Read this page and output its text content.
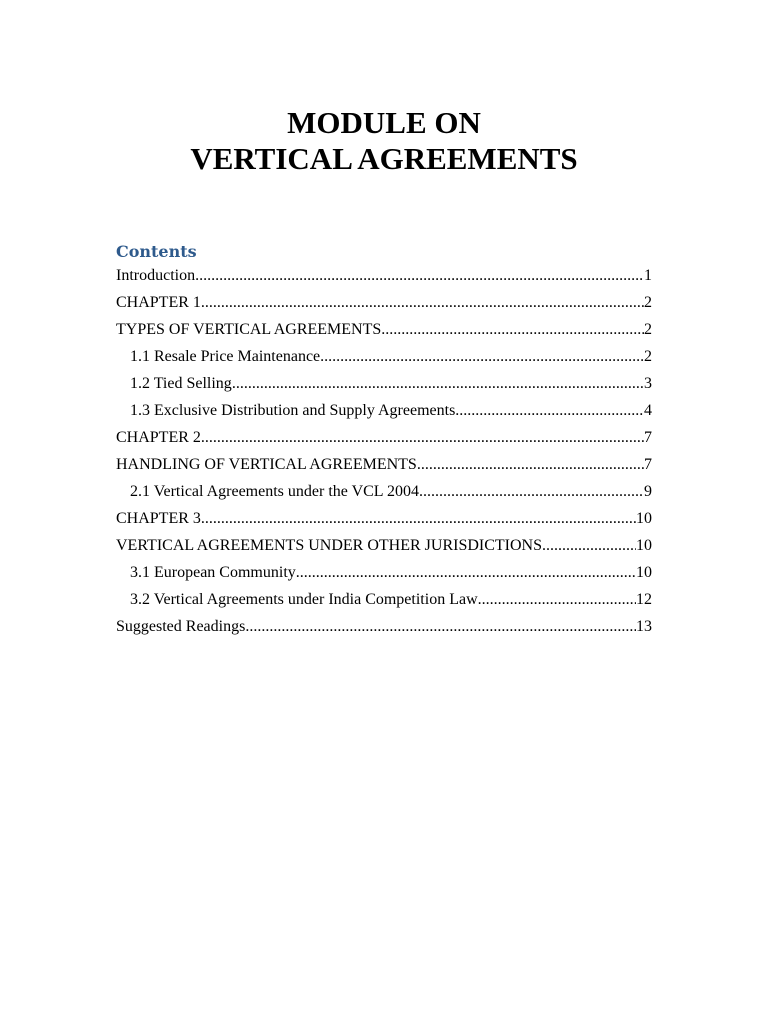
MODULE ON
VERTICAL AGREEMENTS
Contents
Introduction .....	1
CHAPTER 1 .....	2
TYPES OF VERTICAL AGREEMENTS .....	2
1.1 Resale Price Maintenance .....	2
1.2 Tied Selling .....	3
1.3 Exclusive Distribution and Supply Agreements .....	4
CHAPTER 2 .....	7
HANDLING OF VERTICAL AGREEMENTS .....	7
2.1 Vertical Agreements under the VCL 2004 .....	9
CHAPTER 3 .....	10
VERTICAL AGREEMENTS UNDER OTHER JURISDICTIONS .....	10
3.1 European Community .....	10
3.2 Vertical Agreements under India Competition Law .....	12
Suggested Readings .....	13
